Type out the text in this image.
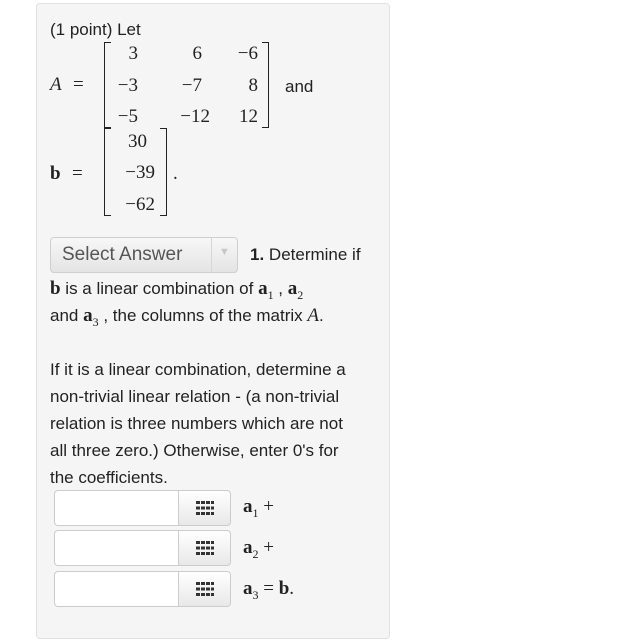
(1 point) Let
A =
3	6	−6
−3	−7	8
−5	−12	12
and
b =
30
−39
−62
.
Select Answer	▼ 1. Determine if
b is a linear combination of $a_1$ , $a_2$
and $a_3$ , the columns of the matrix A.
If it is a linear combination, determine a
non-trivial linear relation - (a non-trivial
relation is three numbers which are not
all three zero.) Otherwise, enter 0's for
the coefficients.
$a_1$ +
$a_2$ +
$a_3 = b$.
